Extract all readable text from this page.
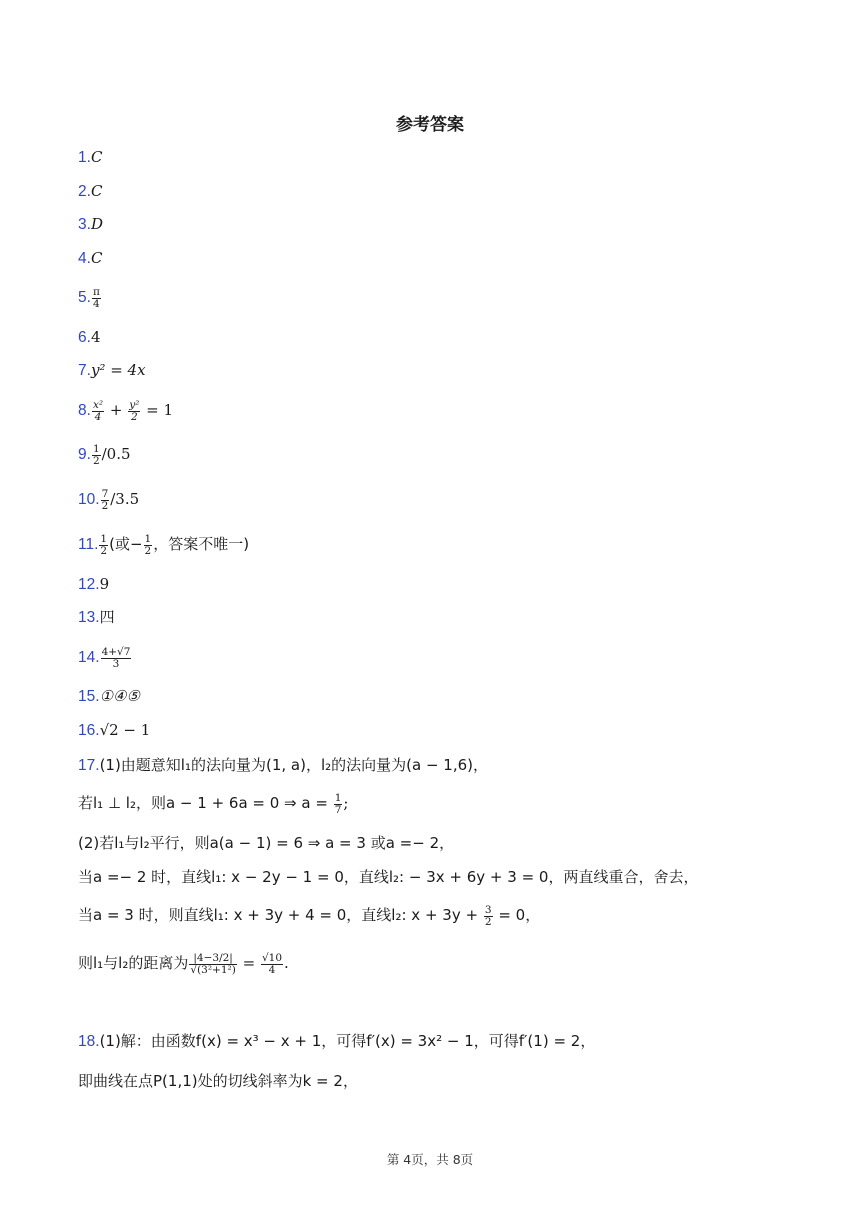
参考答案
1.C
2.C
3.D
4.C
5. $\frac{\pi}{4}$
6.4
7.y² = 4x
8. $\frac{\text{x²}}{4} + \frac{\text{y²}}{2} = 1$
9. $\frac{1}{2} /0.5$
10. $\frac{7}{2} /3.5$
11. $\frac{1}{2}$ (或− $\frac{1}{2}$ ，答案不唯一)
12.9
13.四
14. $\frac{4+√7}{3}$
15.①④⑤
16.√2 − 1
17.(1)由题意知l₁的法向量为(1, a)，l₂的法向量为(a − 1,6)，
若l₁ ⊥ l₂，则a − 1 + 6a = 0 ⇒ $a = \frac{1}{7}$ ;
(2)若l₁与l₂平行，则a(a − 1) = 6 ⇒ a = 3 或a =− 2，
当a =− 2 时，直线l₁: x − 2y − 1 = 0，直线l₂: − 3x + 6y + 3 = 0，两直线重合，舍去，
当a = 3 时，则直线l₁: x + 3y + 4 = 0，直线l₂: $x + 3y + \frac{3}{2} = 0$，
则l₁与l₂的距离为 $\frac{|4-3/2|}{\text{√(3²+1²)}} = \frac{√10}{4}$ .
18.(1)解：由函数f(x) = x³ − x + 1，可得f′(x) = 3x² − 1，可得f′(1) = 2，
即曲线在点P(1,1)处的切线斜率为k = 2，
第 4页，共 8页
